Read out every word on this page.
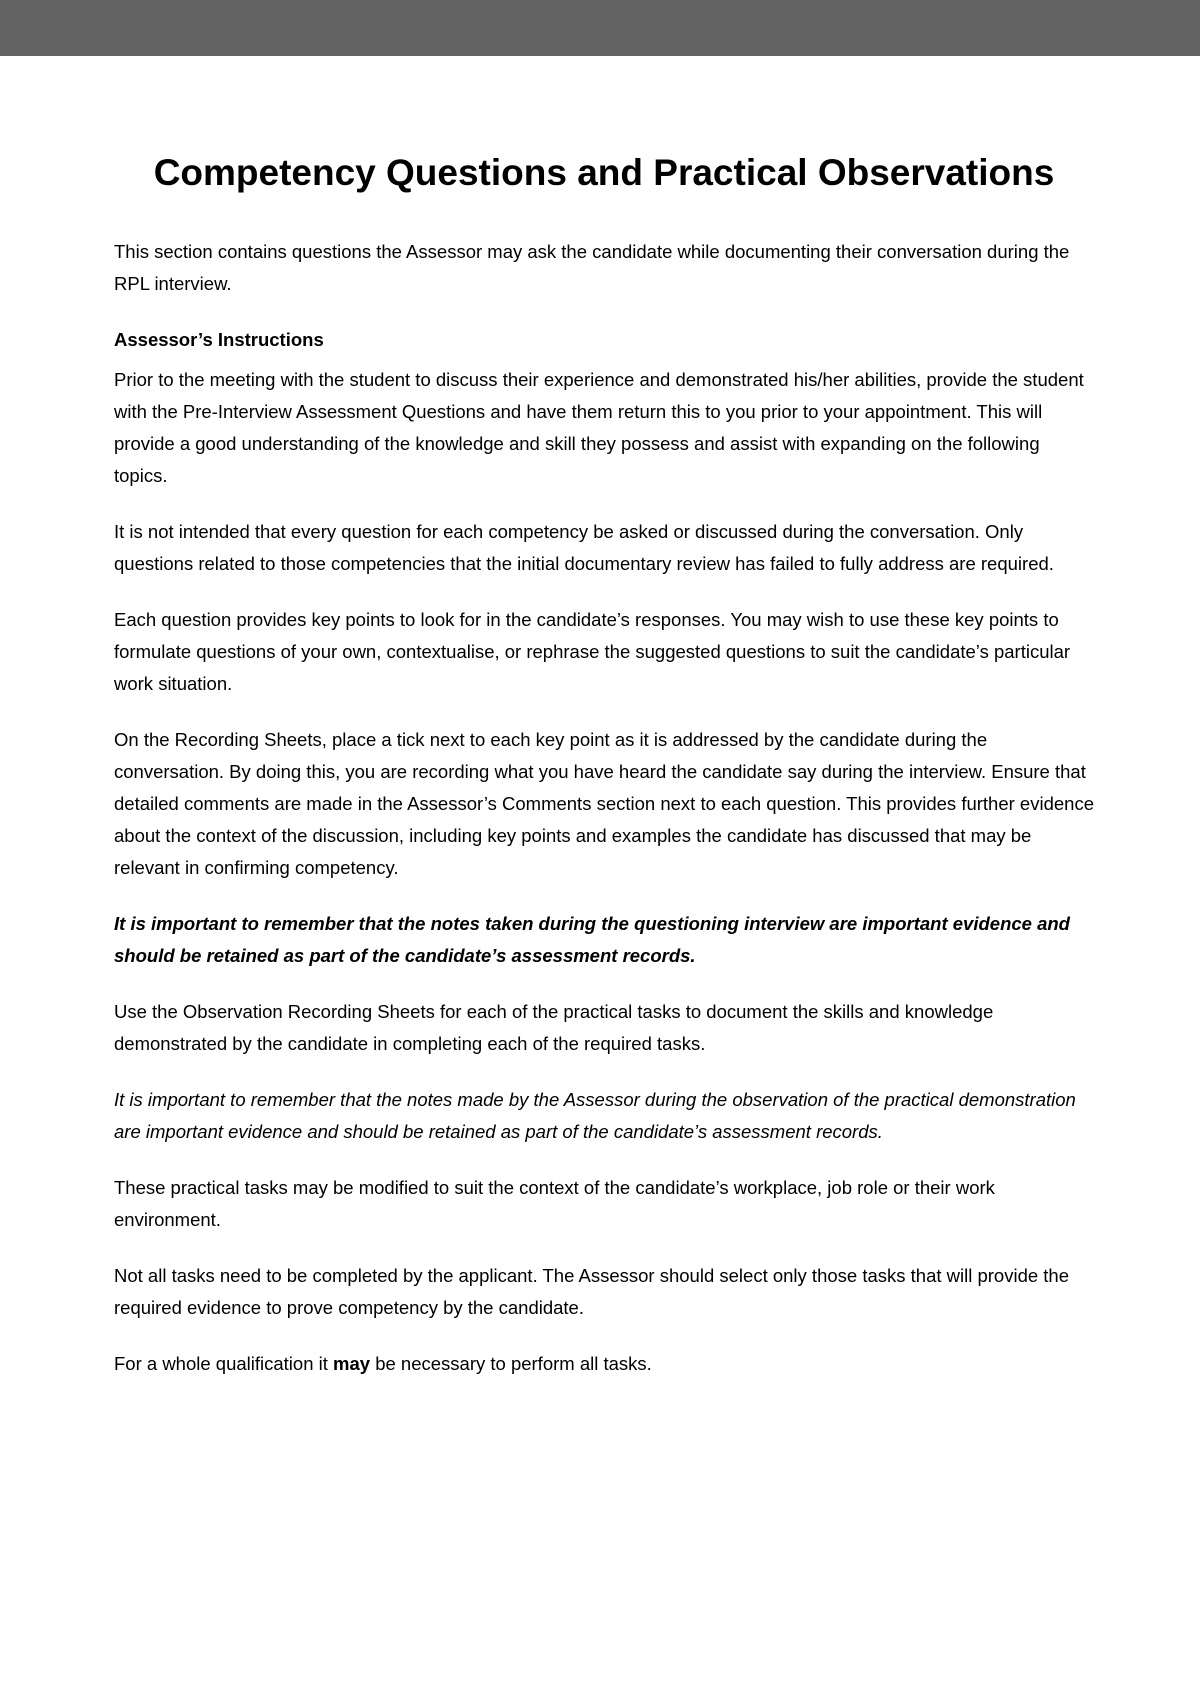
Competency Questions and Practical Observations

This section contains questions the Assessor may ask the candidate while documenting their conversation during the RPL interview.

Assessor’s Instructions

Prior to the meeting with the student to discuss their experience and demonstrated his/her abilities, provide the student with the Pre-Interview Assessment Questions and have them return this to you prior to your appointment. This will provide a good understanding of the knowledge and skill they possess and assist with expanding on the following topics.

It is not intended that every question for each competency be asked or discussed during the conversation. Only questions related to those competencies that the initial documentary review has failed to fully address are required.

Each question provides key points to look for in the candidate’s responses. You may wish to use these key points to formulate questions of your own, contextualise, or rephrase the suggested questions to suit the candidate’s particular work situation.

On the Recording Sheets, place a tick next to each key point as it is addressed by the candidate during the conversation. By doing this, you are recording what you have heard the candidate say during the interview. Ensure that detailed comments are made in the Assessor’s Comments section next to each question. This provides further evidence about the context of the discussion, including key points and examples the candidate has discussed that may be relevant in confirming competency.

It is important to remember that the notes taken during the questioning interview are important evidence and should be retained as part of the candidate’s assessment records.

Use the Observation Recording Sheets for each of the practical tasks to document the skills and knowledge demonstrated by the candidate in completing each of the required tasks.

It is important to remember that the notes made by the Assessor during the observation of the practical demonstration are important evidence and should be retained as part of the candidate’s assessment records.

These practical tasks may be modified to suit the context of the candidate’s workplace, job role or their work environment.

Not all tasks need to be completed by the applicant. The Assessor should select only those tasks that will provide the required evidence to prove competency by the candidate.

For a whole qualification it may be necessary to perform all tasks.
